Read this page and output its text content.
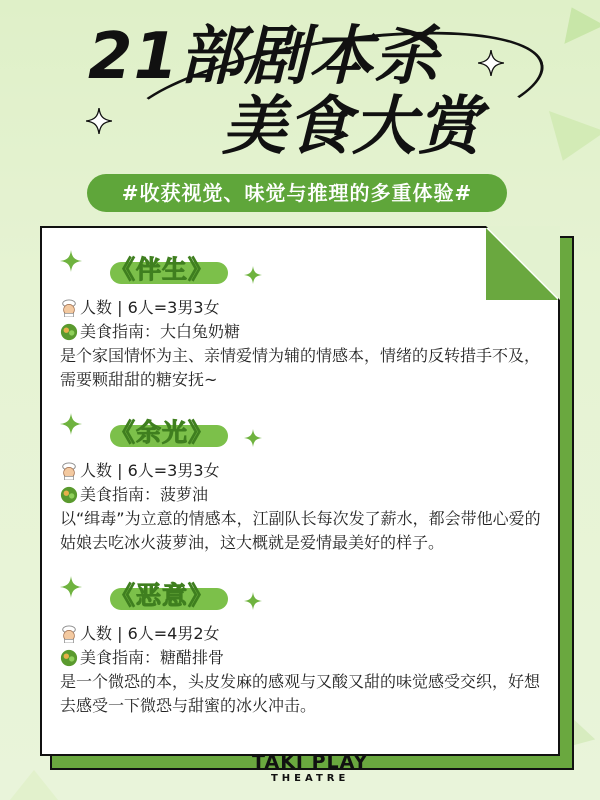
21部剧本杀
美食大赏
#收获视觉、味觉与推理的多重体验#
《伴生》
人数 | 6人=3男3女
美食指南：大白兔奶糖
是个家国情怀为主、亲情爱情为辅的情感本，情绪的反转措手不及，需要颗甜甜的糖安抚~
《余光》
人数 | 6人=3男3女
美食指南：菠萝油
以“缉毒”为立意的情感本，江副队长每次发了薪水，都会带他心爱的姑娘去吃冰火菠萝油，这大概就是爱情最美好的样子。
《恶意》
人数 | 6人=4男2女
美食指南：糖醋排骨
是一个微恐的本，头皮发麻的感观与又酸又甜的味觉感受交织，好想去感受一下微恐与甜蜜的冰火冲击。
TAKI PLAY
THEATRE
